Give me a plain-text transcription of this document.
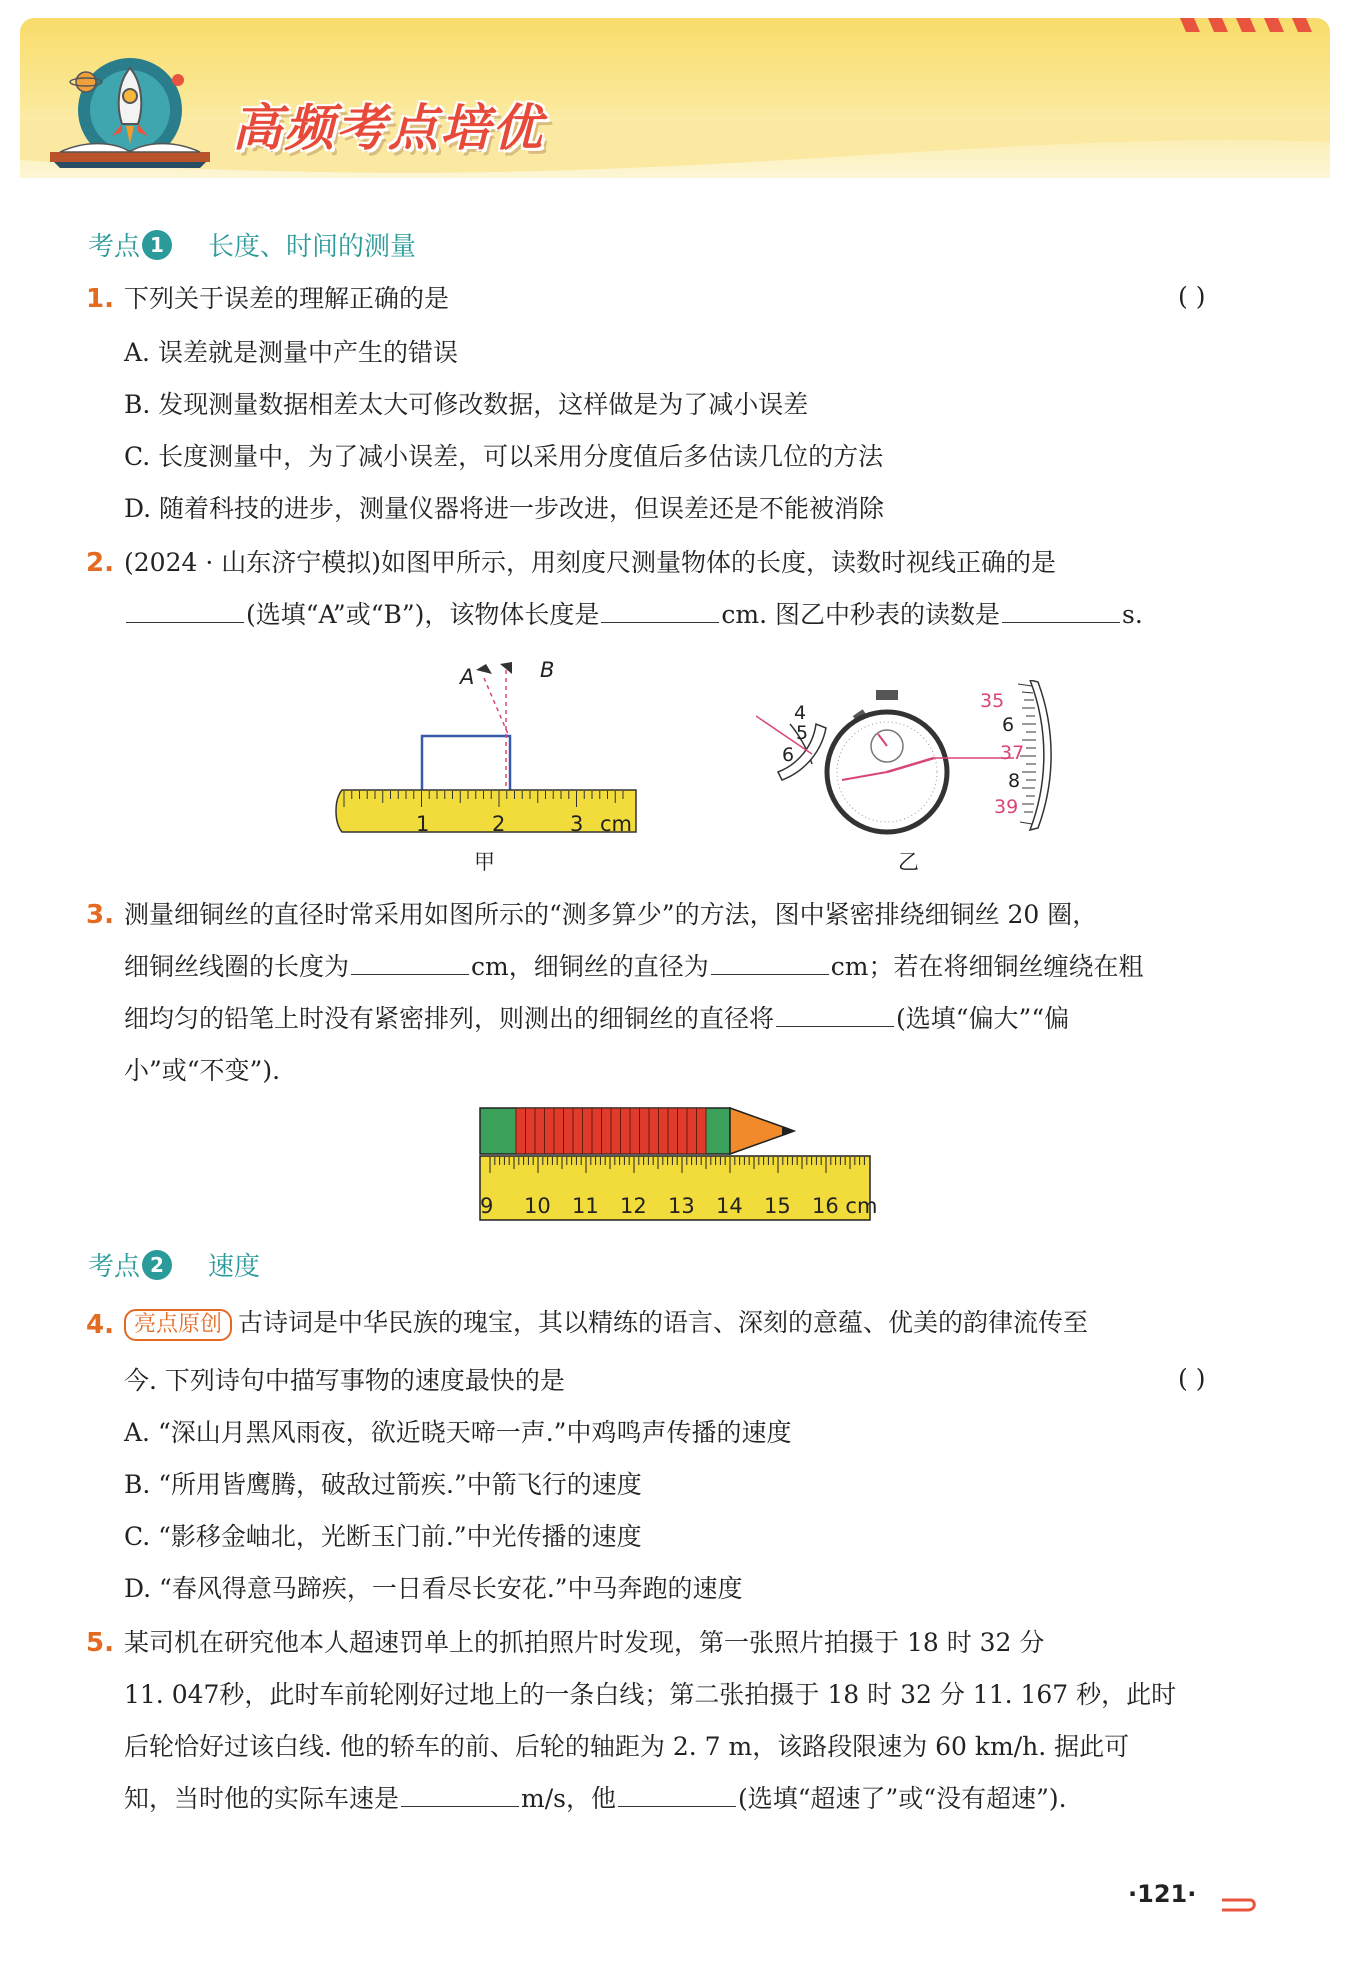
高频考点培优
考点 1	长度、时间的测量
1. 下列关于误差的理解正确的是	( )
A. 误差就是测量中产生的错误
B. 发现测量数据相差太大可修改数据，这样做是为了减小误差
C. 长度测量中，为了减小误差，可以采用分度值后多估读几位的方法
D. 随着科技的进步，测量仪器将进一步改进，但误差还是不能被消除
2. (2024 · 山东济宁模拟)如图甲所示，用刻度尺测量物体的长度，读数时视线正确的是
(选填“A”或“B”)，该物体长度是	cm. 图乙中秒表的读数是	s.
A	B
1	2	3 cm
甲
4
5
6
35
6
37
8
39
乙
3. 测量细铜丝的直径时常采用如图所示的“测多算少”的方法，图中紧密排绕细铜丝 20 圈，
细铜丝线圈的长度为	cm，细铜丝的直径为	cm；若在将细铜丝缠绕在粗
细均匀的铅笔上时没有紧密排列，则测出的细铜丝的直径将	(选填“偏大”“偏
小”或“不变”).
9 10 11 12 13 14 15 16 cm
考点 2	速度
4. 亮点原创 古诗词是中华民族的瑰宝，其以精练的语言、深刻的意蕴、优美的韵律流传至
今. 下列诗句中描写事物的速度最快的是	( )
A. “深山月黑风雨夜，欲近晓天啼一声.”中鸡鸣声传播的速度
B. “所用皆鹰腾，破敌过箭疾.”中箭飞行的速度
C. “影移金岫北，光断玉门前.”中光传播的速度
D. “春风得意马蹄疾，一日看尽长安花.”中马奔跑的速度
5. 某司机在研究他本人超速罚单上的抓拍照片时发现，第一张照片拍摄于 18 时 32 分
11. 047秒，此时车前轮刚好过地上的一条白线；第二张拍摄于 18 时 32 分 11. 167 秒，此时
后轮恰好过该白线. 他的轿车的前、后轮的轴距为 2. 7 m，该路段限速为 60 km/h. 据此可
知，当时他的实际车速是	m/s，他	(选填“超速了”或“没有超速”).
·121·
